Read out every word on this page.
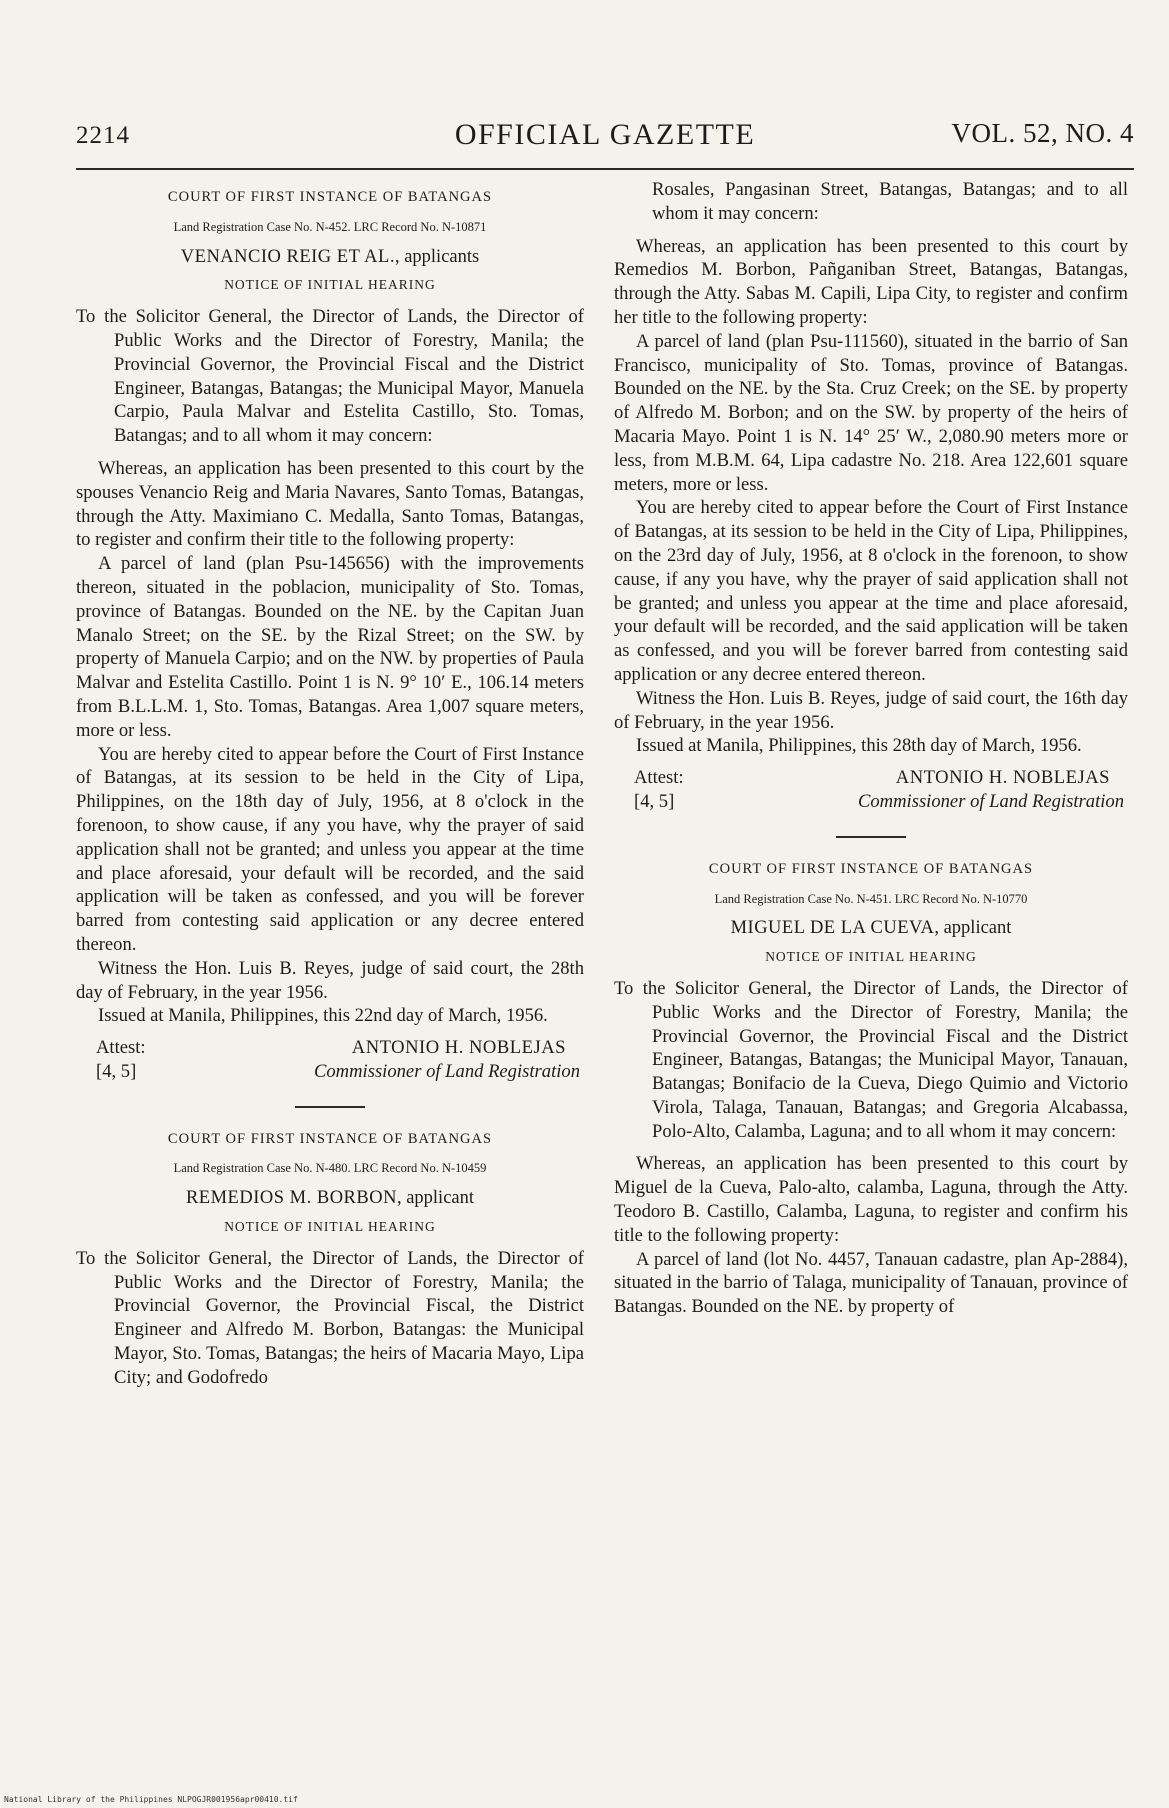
2214	OFFICIAL GAZETTE	VOL. 52, NO. 4
COURT OF FIRST INSTANCE OF BATANGAS
Land Registration Case No. N-452. LRC Record No. N-10871
VENANCIO REIG ET AL., applicants
NOTICE OF INITIAL HEARING

To the Solicitor General, the Director of Lands, the Director of Public Works and the Director of Forestry, Manila; the Provincial Governor, the Provincial Fiscal and the District Engineer, Batangas, Batangas; the Municipal Mayor, Manuela Carpio, Paula Malvar and Estelita Castillo, Sto. Tomas, Batangas; and to all whom it may concern:

Whereas, an application has been presented to this court by the spouses Venancio Reig and Maria Navares, Santo Tomas, Batangas, through the Atty. Maximiano C. Medalla, Santo Tomas, Batangas, to register and confirm their title to the following property:

A parcel of land (plan Psu-145656) with the improvements thereon, situated in the poblacion, municipality of Sto. Tomas, province of Batangas. Bounded on the NE. by the Capitan Juan Manalo Street; on the SE. by the Rizal Street; on the SW. by property of Manuela Carpio; and on the NW. by properties of Paula Malvar and Estelita Castillo. Point 1 is N. 9° 10′ E., 106.14 meters from B.L.L.M. 1, Sto. Tomas, Batangas. Area 1,007 square meters, more or less.

You are hereby cited to appear before the Court of First Instance of Batangas, at its session to be held in the City of Lipa, Philippines, on the 18th day of July, 1956, at 8 o'clock in the forenoon, to show cause, if any you have, why the prayer of said application shall not be granted; and unless you appear at the time and place aforesaid, your default will be recorded, and the said application will be taken as confessed, and you will be forever barred from contesting said application or any decree entered thereon.

Witness the Hon. Luis B. Reyes, judge of said court, the 28th day of February, in the year 1956.

Issued at Manila, Philippines, this 22nd day of March, 1956.

Attest:	ANTONIO H. NOBLEJAS
[4, 5]	Commissioner of Land Registration
COURT OF FIRST INSTANCE OF BATANGAS
Land Registration Case No. N-480. LRC Record No. N-10459
REMEDIOS M. BORBON, applicant
NOTICE OF INITIAL HEARING

To the Solicitor General, the Director of Lands, the Director of Public Works and the Director of Forestry, Manila; the Provincial Governor, the Provincial Fiscal, the District Engineer and Alfredo M. Borbon, Batangas: the Municipal Mayor, Sto. Tomas, Batangas; the heirs of Macaria Mayo, Lipa City; and Godofredo

Rosales, Pangasinan Street, Batangas, Batangas; and to all whom it may concern:

Whereas, an application has been presented to this court by Remedios M. Borbon, Pañganiban Street, Batangas, Batangas, through the Atty. Sabas M. Capili, Lipa City, to register and confirm her title to the following property:

A parcel of land (plan Psu-111560), situated in the barrio of San Francisco, municipality of Sto. Tomas, province of Batangas. Bounded on the NE. by the Sta. Cruz Creek; on the SE. by property of Alfredo M. Borbon; and on the SW. by property of the heirs of Macaria Mayo. Point 1 is N. 14° 25′ W., 2,080.90 meters more or less, from M.B.M. 64, Lipa cadastre No. 218. Area 122,601 square meters, more or less.

You are hereby cited to appear before the Court of First Instance of Batangas, at its session to be held in the City of Lipa, Philippines, on the 23rd day of July, 1956, at 8 o'clock in the forenoon, to show cause, if any you have, why the prayer of said application shall not be granted; and unless you appear at the time and place aforesaid, your default will be recorded, and the said application will be taken as confessed, and you will be forever barred from contesting said application or any decree entered thereon.

Witness the Hon. Luis B. Reyes, judge of said court, the 16th day of February, in the year 1956.

Issued at Manila, Philippines, this 28th day of March, 1956.

Attest:	ANTONIO H. NOBLEJAS
[4, 5]	Commissioner of Land Registration
COURT OF FIRST INSTANCE OF BATANGAS
Land Registration Case No. N-451. LRC Record No. N-10770
MIGUEL DE LA CUEVA, applicant
NOTICE OF INITIAL HEARING

To the Solicitor General, the Director of Lands, the Director of Public Works and the Director of Forestry, Manila; the Provincial Governor, the Provincial Fiscal and the District Engineer, Batangas, Batangas; the Municipal Mayor, Tanauan, Batangas; Bonifacio de la Cueva, Diego Quimio and Victorio Virola, Talaga, Tanauan, Batangas; and Gregoria Alcabassa, Polo-Alto, Calamba, Laguna; and to all whom it may concern:

Whereas, an application has been presented to this court by Miguel de la Cueva, Palo-alto, calamba, Laguna, through the Atty. Teodoro B. Castillo, Calamba, Laguna, to register and confirm his title to the following property:

A parcel of land (lot No. 4457, Tanauan cadastre, plan Ap-2884), situated in the barrio of Talaga, municipality of Tanauan, province of Batangas. Bounded on the NE. by property of

National Library of the Philippines NLPOGJR001956apr00410.tif
